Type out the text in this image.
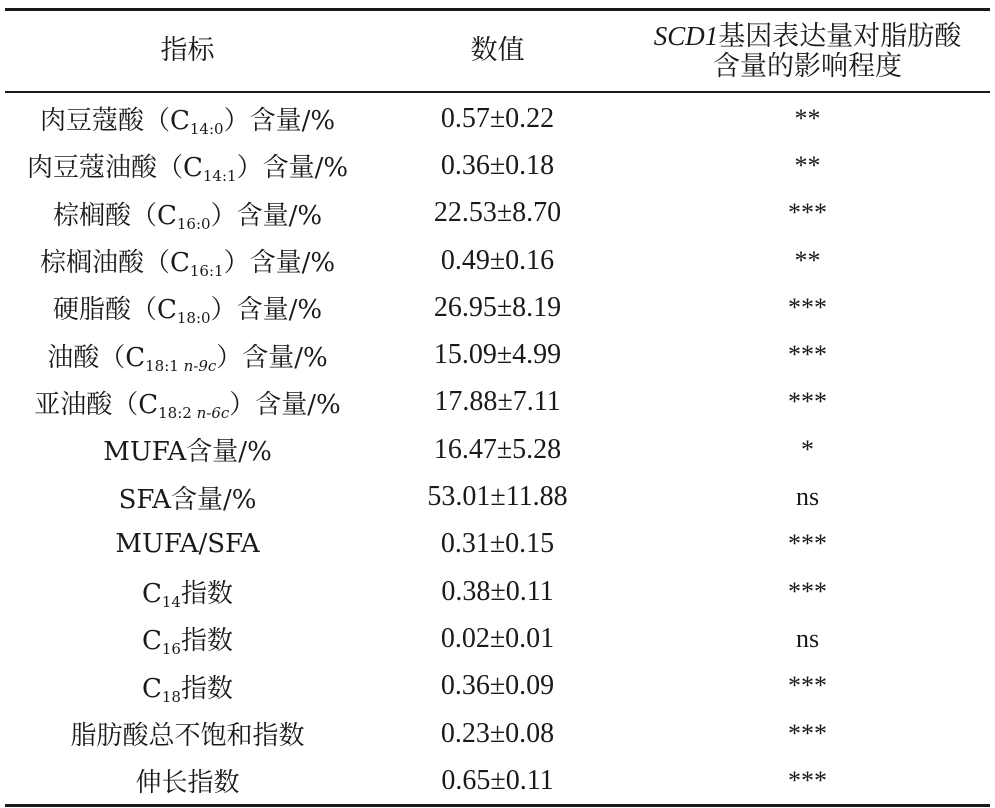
指标	数值	SCD1基因表达量对脂肪酸
含量的影响程度
肉豆蔻酸$(C_{14:0})$含量/%	0.57±0.22	**
肉豆蔻油酸$(C_{14:1})$含量/%	0.36±0.18	**
棕榈酸$(C_{16:0})$含量/%	22.53±8.70	***
棕榈油酸$(C_{16:1})$含量/%	0.49±0.16	**
硬脂酸$(C_{18:0})$含量/%	26.95±8.19	***
油酸$(C_{18:1 n-9c})$含量/%	15.09±4.99	***
亚油酸$(C_{18:2 n-6c})$含量/%	17.88±7.11	***
MUFA含量/%	16.47±5.28	*
SFA含量/%	53.01±11.88	ns
MUFA/SFA	0.31±0.15	***
$C_{14}$指数	0.38±0.11	***
$C_{16}$指数	0.02±0.01	ns
$C_{18}$指数	0.36±0.09	***
脂肪酸总不饱和指数	0.23±0.08	***
伸长指数	0.65±0.11	***
